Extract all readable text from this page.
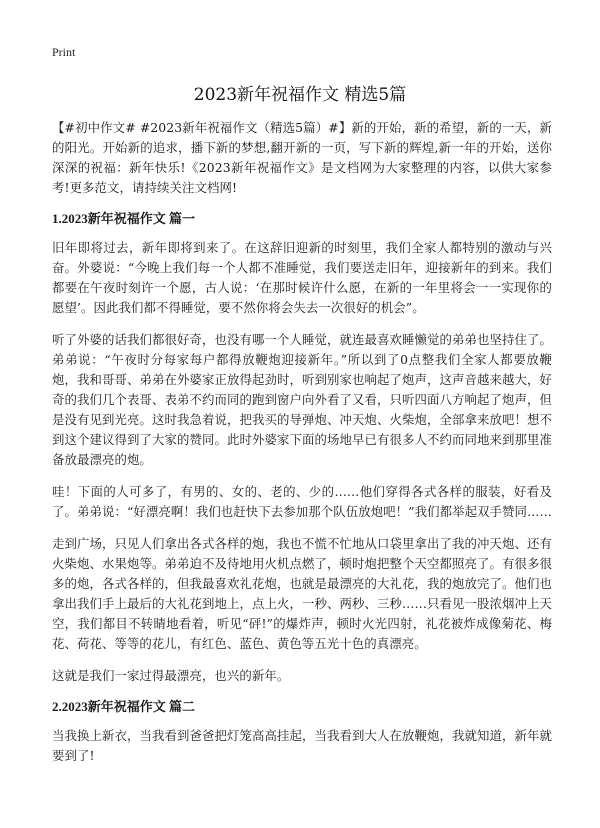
Print
2023新年祝福作文 精选5篇

【#初中作文# #2023新年祝福作文（精选5篇）#】新的开始，新的希望，新的一天，新的阳光。开始新的追求，播下新的梦想,翻开新的一页，写下新的辉煌,新一年的开始，送你深深的祝福：新年快乐!《2023新年祝福作文》是文档网为大家整理的内容，以供大家参考!更多范文，请持续关注文档网!

1.2023新年祝福作文 篇一

旧年即将过去，新年即将到来了。在这辞旧迎新的时刻里，我们全家人都特别的激动与兴奋。外婆说：“今晚上我们每一个人都不准睡觉，我们要送走旧年，迎接新年的到来。我们都要在午夜时刻许一个愿，古人说：‘在那时候许什么愿，在新的一年里将会一一实现你的愿望’。因此我们都不得睡觉，要不然你将会失去一次很好的机会”。

听了外婆的话我们都很好奇，也没有哪一个人睡觉，就连最喜欢睡懒觉的弟弟也坚持住了。弟弟说：“午夜时分每家每户都得放鞭炮迎接新年。”所以到了0点整我们全家人都要放鞭炮，我和哥哥、弟弟在外婆家正放得起劲时，听到别家也响起了炮声，这声音越来越大，好奇的我们几个表哥、表弟不约而同的跑到窗户向外看了又看，只听四面八方响起了炮声，但是没有见到光亮。这时我急着说，把我买的导弹炮、冲天炮、火柴炮，全部拿来放吧！想不到这个建议得到了大家的赞同。此时外婆家下面的场地早已有很多人不约而同地来到那里准备放最漂亮的炮。

哇！下面的人可多了，有男的、女的、老的、少的……他们穿得各式各样的服装，好看及了。弟弟说：“好漂亮啊！我们也赶快下去参加那个队伍放炮吧！”我们都举起双手赞同……

走到广场，只见人们拿出各式各样的炮，我也不慌不忙地从口袋里拿出了我的冲天炮、还有火柴炮、水果炮等。弟弟迫不及待地用火机点燃了，顿时炮把整个天空都照亮了。有很多很多的炮，各式各样的，但我最喜欢礼花炮，也就是最漂亮的大礼花，我的炮放完了。他们也拿出我们手上最后的大礼花到地上，点上火，一秒、两秒、三秒……只看见一股浓烟冲上天空，我们都目不转睛地看着，听见“砰!”的爆炸声，顿时火光四射，礼花被炸成像菊花、梅花、荷花、等等的花儿，有红色、蓝色、黄色等五光十色的真漂亮。

这就是我们一家过得最漂亮，也兴的新年。

2.2023新年祝福作文 篇二

当我换上新衣，当我看到爸爸把灯笼高高挂起，当我看到大人在放鞭炮，我就知道，新年就要到了!
